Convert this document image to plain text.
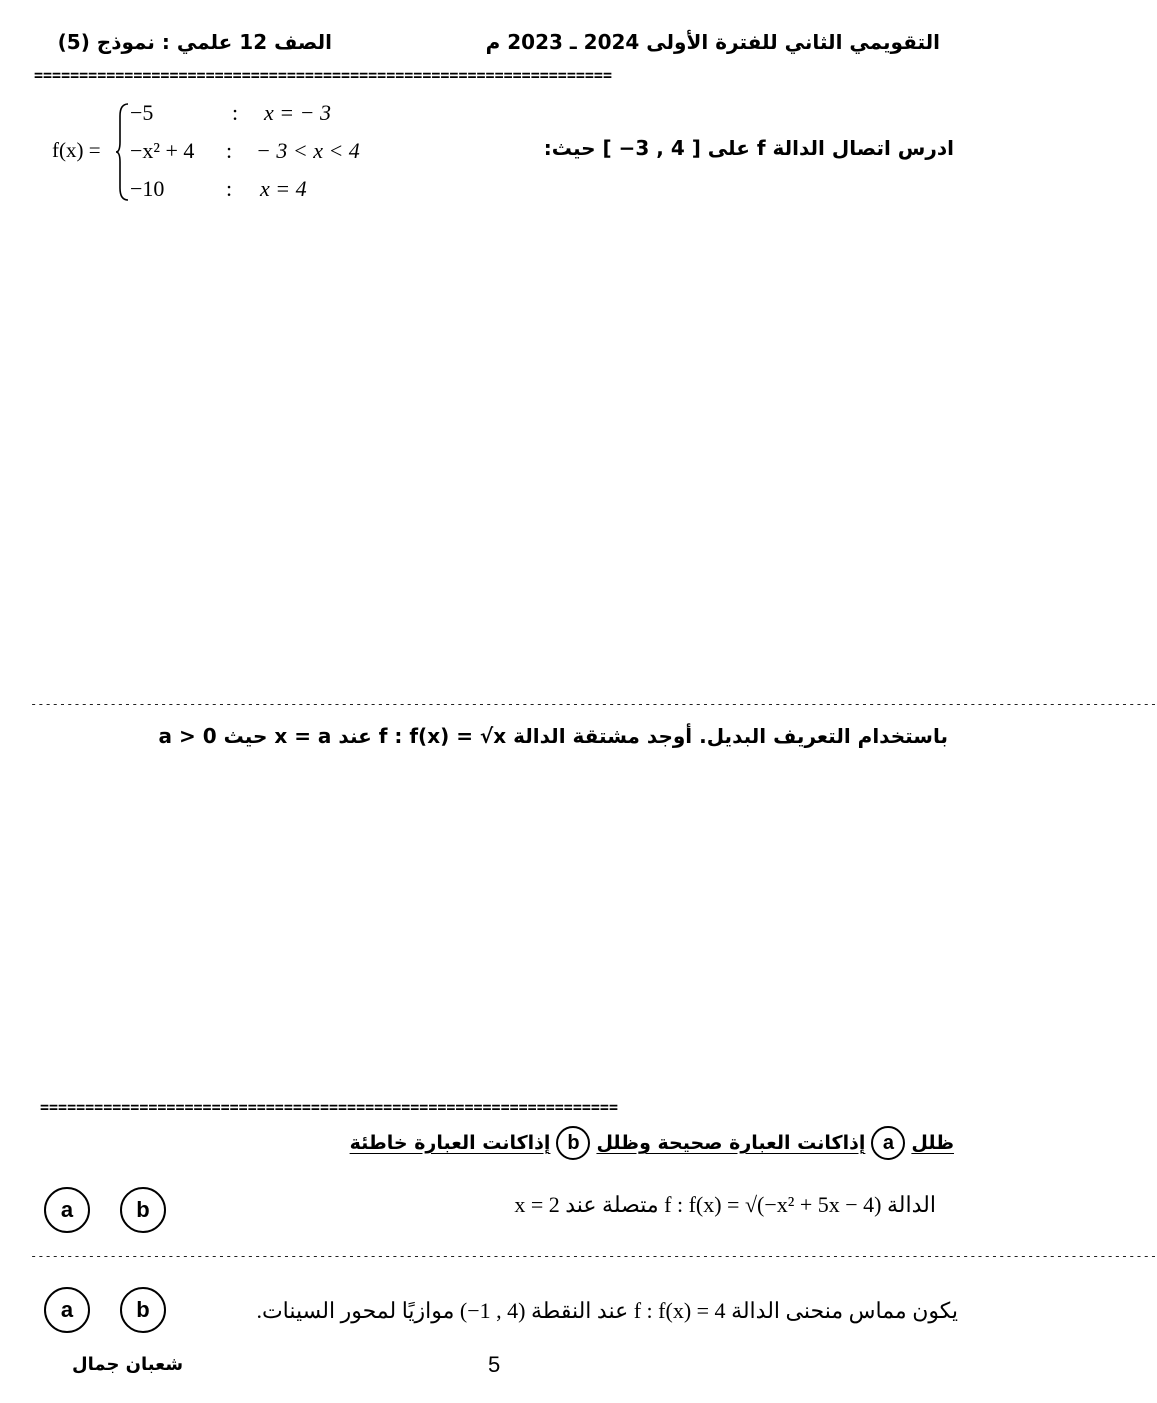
التقويمي الثاني للفترة الأولى 2024 ـ 2023 م
الصف 12 علمي : نموذج (5)
================================================================
ادرس اتصال الدالة f على [ 4 , 3− ] حيث:
f(x) =
−5	: x = − 3
−x² + 4 : − 3 < x < 4
−10	: x = 4
------------------------------------------------------------------------------------------------------------------------------------------------------------
باستخدام التعريف البديل. أوجد مشتقة الدالة f : f(x) = √x عند x = a حيث a > 0
================================================================
ظلل
a
إذاكانت العبارة صحيحة وظلل
b
إذاكانت العبارة خاطئة
الدالة f : f(x) = √(−x² + 5x − 4) متصلة عند x = 2
a	b
------------------------------------------------------------------------------------------------------------------------------------------------------------
يكون مماس منحنى الدالة f : f(x) = 4 عند النقطة (4 , 1−) موازيًا لمحور السينات.
a	b
شعبان جمال	5
